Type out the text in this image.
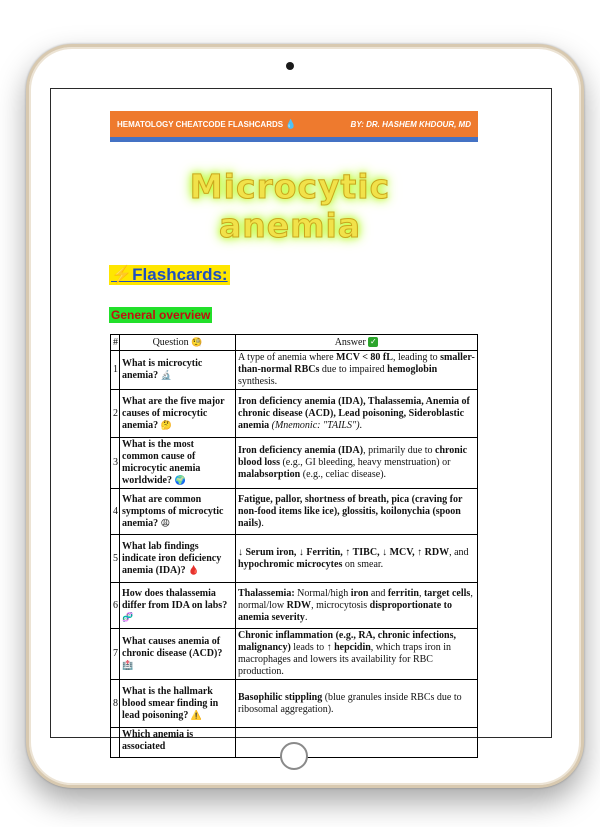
HEMATOLOGY CHEATCODE FLASHCARDS 💧	BY: DR. HASHEM KHDOUR, MD
Microcytic anemia
⚡Flashcards:
General overview
#	Question 🧐	Answer ✓
1	What is microcytic anemia? 🔬	A type of anemia where MCV < 80 fL, leading to smaller-than-normal RBCs due to impaired hemoglobin synthesis.
2	What are the five major causes of microcytic anemia? 🤔	Iron deficiency anemia (IDA), Thalassemia, Anemia of chronic disease (ACD), Lead poisoning, Sideroblastic anemia (Mnemonic: "TAILS").
3	What is the most common cause of microcytic anemia worldwide? 🌍	Iron deficiency anemia (IDA), primarily due to chronic blood loss (e.g., GI bleeding, heavy menstruation) or malabsorption (e.g., celiac disease).
4	What are common symptoms of microcytic anemia? 😩	Fatigue, pallor, shortness of breath, pica (craving for non-food items like ice), glossitis, koilonychia (spoon nails).
5	What lab findings indicate iron deficiency anemia (IDA)? 🩸	↓ Serum iron, ↓ Ferritin, ↑ TIBC, ↓ MCV, ↑ RDW, and hypochromic microcytes on smear.
6	How does thalassemia differ from IDA on labs? 🧬	Thalassemia: Normal/high iron and ferritin, target cells, normal/low RDW, microcytosis disproportionate to anemia severity.
7	What causes anemia of chronic disease (ACD)? 🏥	Chronic inflammation (e.g., RA, chronic infections, malignancy) leads to ↑ hepcidin, which traps iron in macrophages and lowers its availability for RBC production.
8	What is the hallmark blood smear finding in lead poisoning? ⚠️	Basophilic stippling (blue granules inside RBCs due to ribosomal aggregation).
	Which anemia is associated	
